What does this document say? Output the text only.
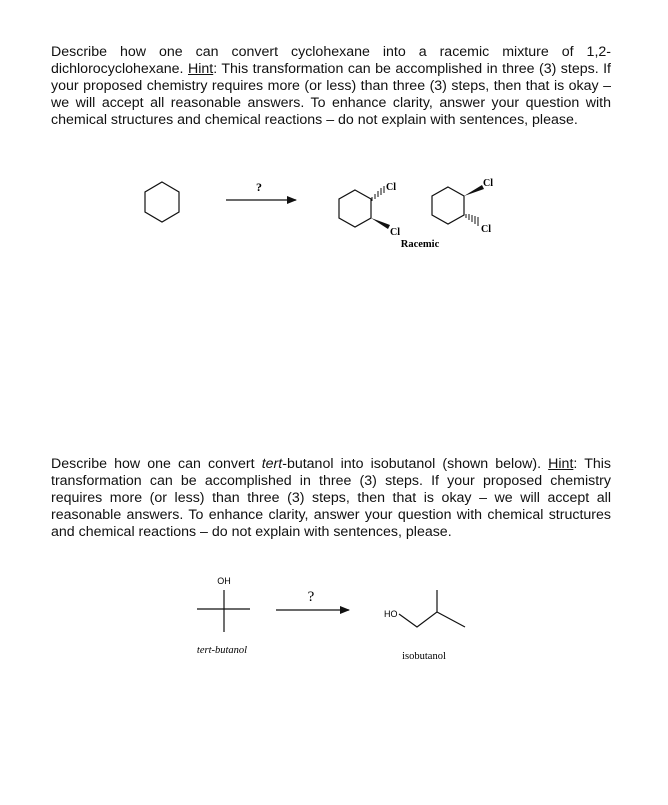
Describe how one can convert cyclohexane into a racemic mixture of 1,2-dichlorocyclohexane. Hint: This transformation can be accomplished in three (3) steps. If your proposed chemistry requires more (or less) than three (3) steps, then that is okay – we will accept all reasonable answers. To enhance clarity, answer your question with chemical structures and chemical reactions – do not explain with sentences, please.

Describe how one can convert tert-butanol into isobutanol (shown below). Hint: This transformation can be accomplished in three (3) steps. If your proposed chemistry requires more (or less) than three (3) steps, then that is okay – we will accept all reasonable answers. To enhance clarity, answer your question with chemical structures and chemical reactions – do not explain with sentences, please.

?	Cl
Cl
Cl
Cl
Racemic
OH
tert-butanol
?
HO
isobutanol
